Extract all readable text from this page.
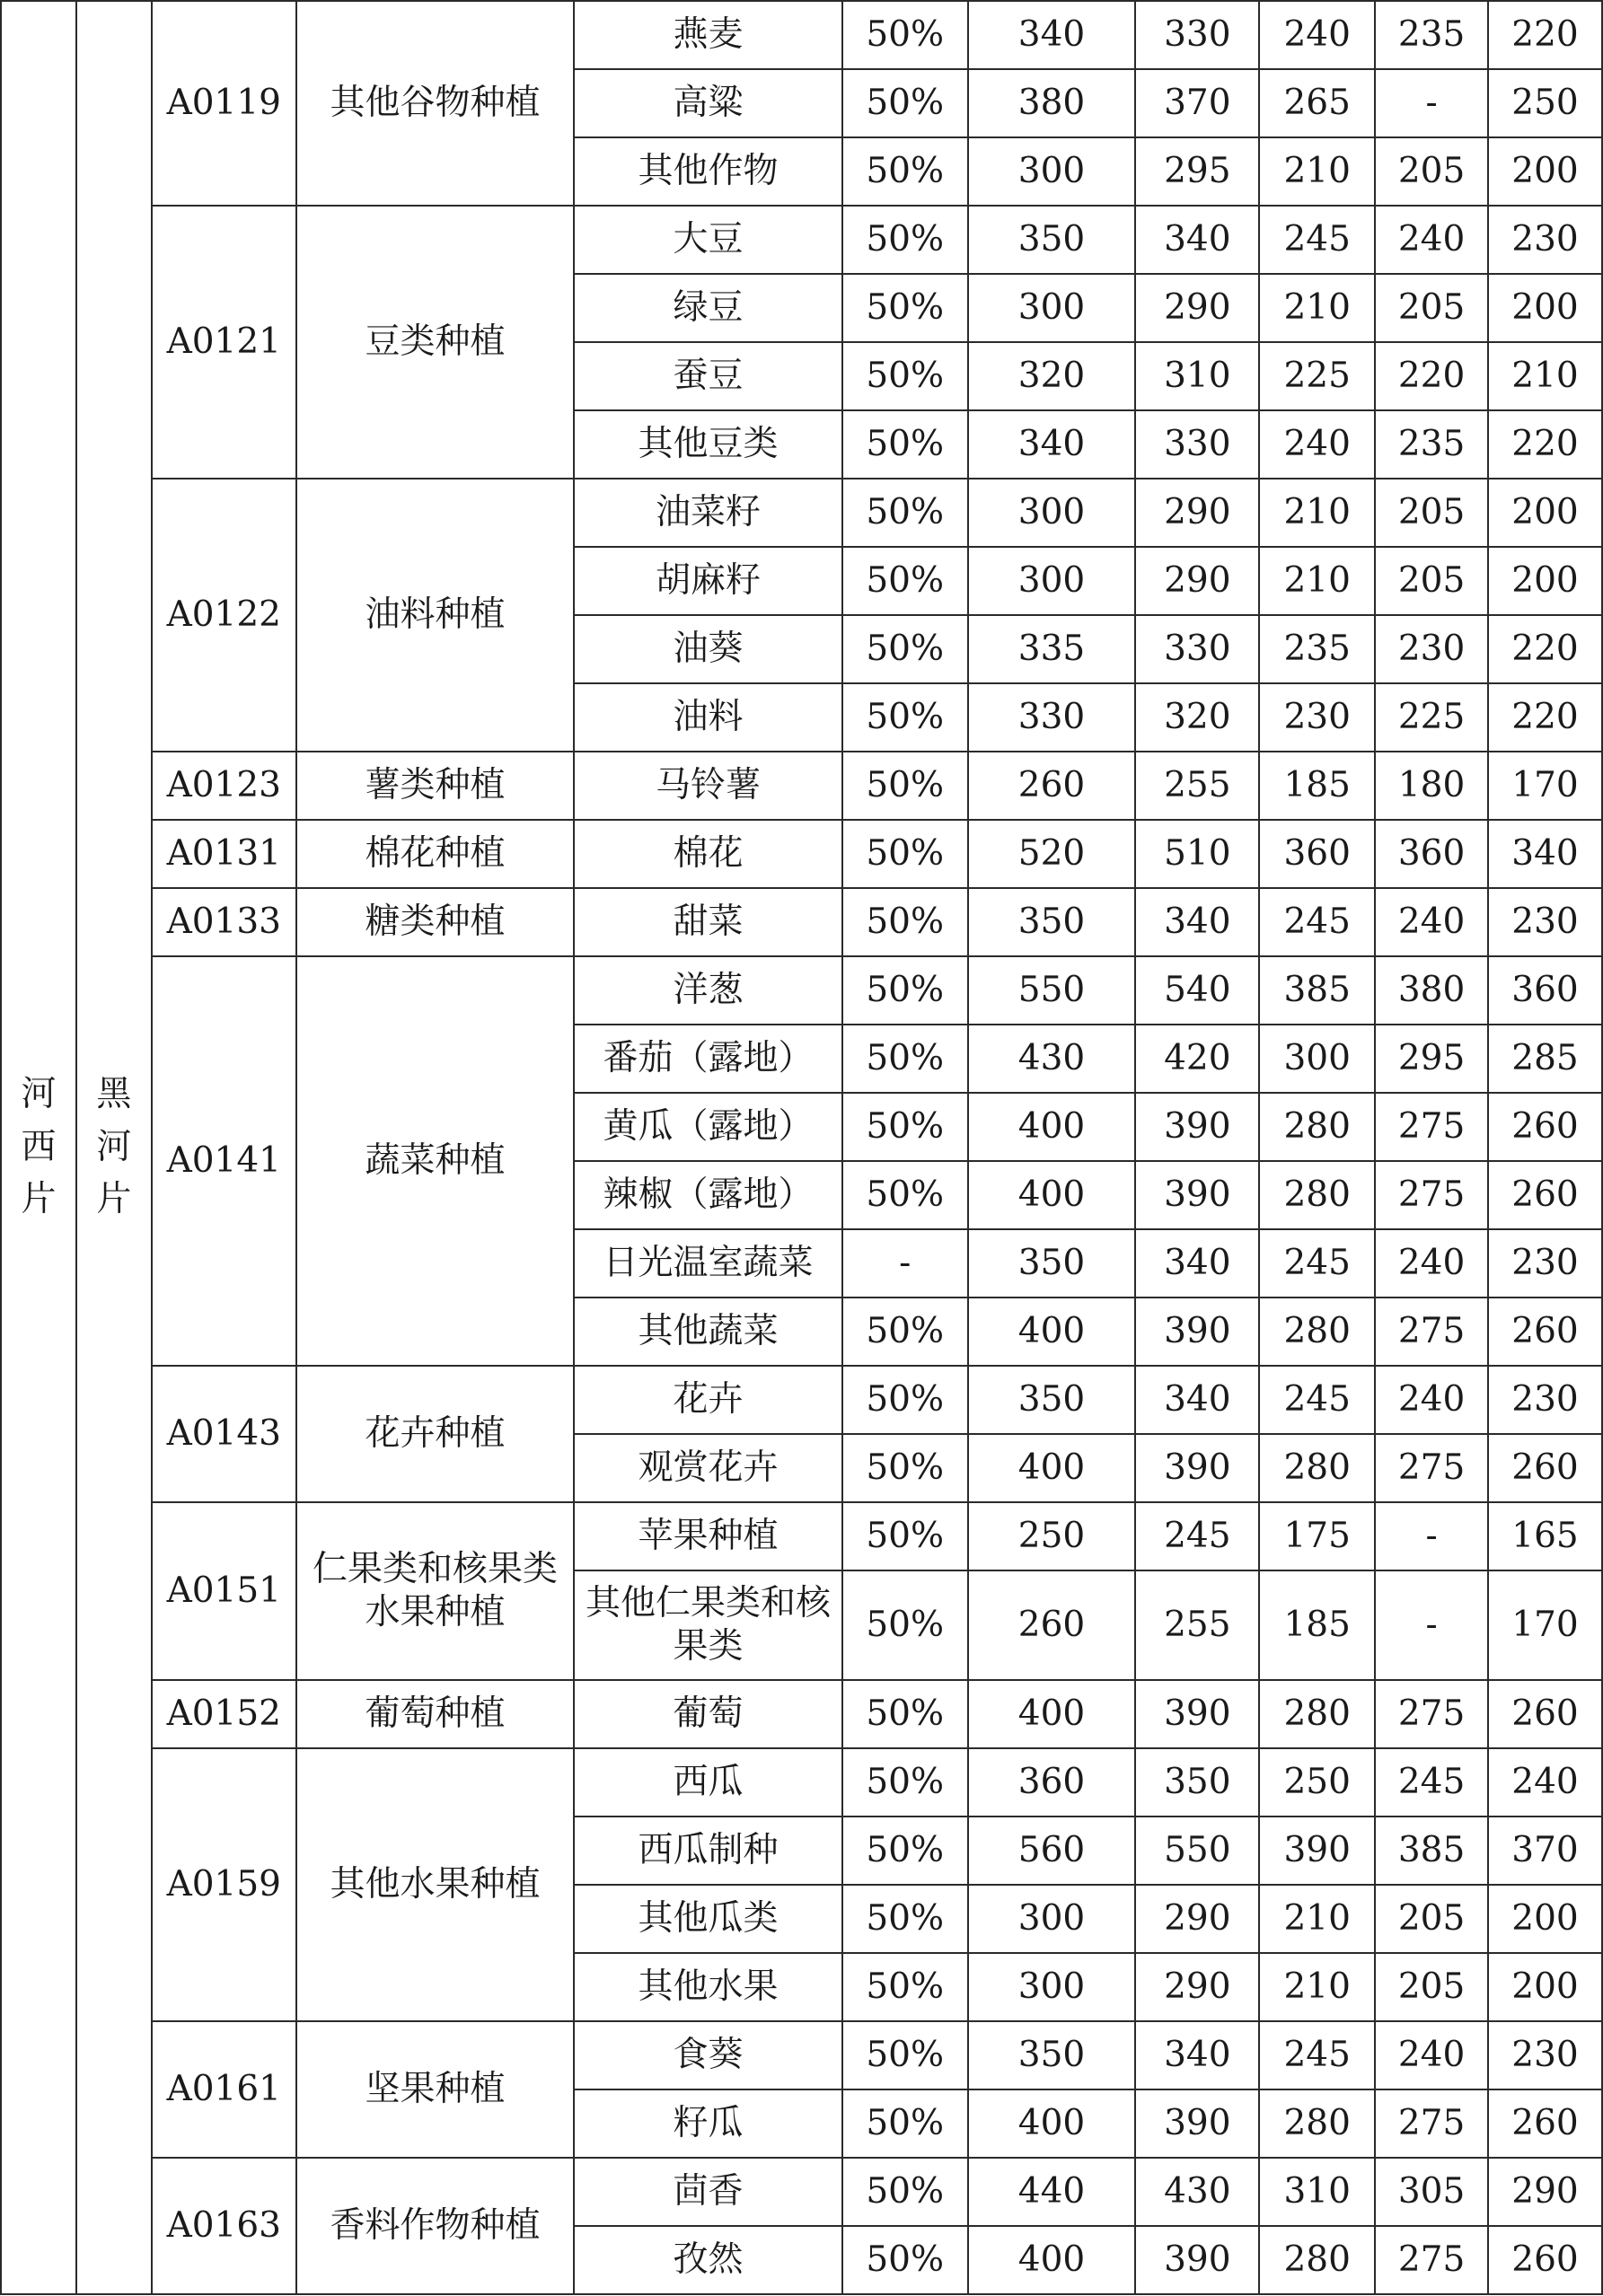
河
西
片	黑
河
片	A0119	其他谷物种植	燕麦	50%	340	330	240	235	220
				高粱	50%	380	370	265	-	250
				其他作物	50%	300	295	210	205	200
		A0121	豆类种植	大豆	50%	350	340	245	240	230
				绿豆	50%	300	290	210	205	200
				蚕豆	50%	320	310	225	220	210
				其他豆类	50%	340	330	240	235	220
		A0122	油料种植	油菜籽	50%	300	290	210	205	200
				胡麻籽	50%	300	290	210	205	200
				油葵	50%	335	330	235	230	220
				油料	50%	330	320	230	225	220
		A0123	薯类种植	马铃薯	50%	260	255	185	180	170
		A0131	棉花种植	棉花	50%	520	510	360	360	340
		A0133	糖类种植	甜菜	50%	350	340	245	240	230
		A0141	蔬菜种植	洋葱	50%	550	540	385	380	360
				番茄（露地）	50%	430	420	300	295	285
				黄瓜（露地）	50%	400	390	280	275	260
				辣椒（露地）	50%	400	390	280	275	260
				日光温室蔬菜	-	350	340	245	240	230
				其他蔬菜	50%	400	390	280	275	260
		A0143	花卉种植	花卉	50%	350	340	245	240	230
				观赏花卉	50%	400	390	280	275	260
		A0151	仁果类和核果类水果种植	苹果种植	50%	250	245	175	-	165
				其他仁果类和核果类	50%	260	255	185	-	170
		A0152	葡萄种植	葡萄	50%	400	390	280	275	260
		A0159	其他水果种植	西瓜	50%	360	350	250	245	240
				西瓜制种	50%	560	550	390	385	370
				其他瓜类	50%	300	290	210	205	200
				其他水果	50%	300	290	210	205	200
		A0161	坚果种植	食葵	50%	350	340	245	240	230
				籽瓜	50%	400	390	280	275	260
		A0163	香料作物种植	茴香	50%	440	430	310	305	290
				孜然	50%	400	390	280	275	260
